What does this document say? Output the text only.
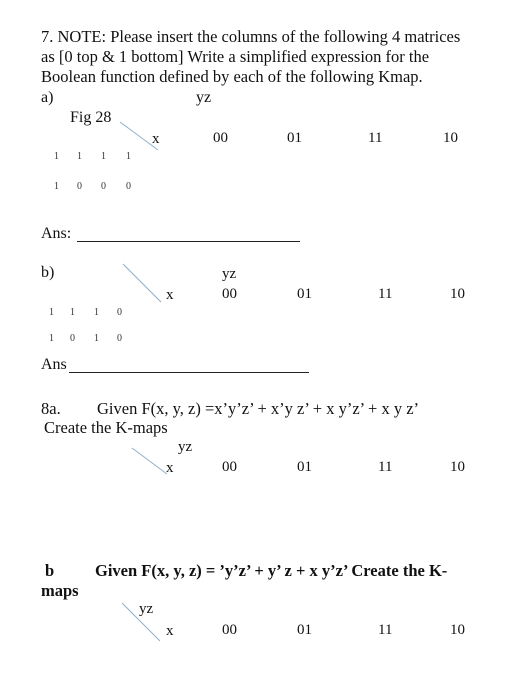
7. NOTE: Please insert the columns of the following 4 matrices
as [0 top & 1 bottom] Write a simplified expression for the
Boolean function defined by each of the following Kmap.
a)	yz
Fig 28
x	00	01	11	10
1 1 1 1
1 0 0 0
Ans:
b)	yz
x	00	01	11	10
1 1 1 0
1 0 1 0
Ans
8a. Given F(x, y, z) =x’y’z’ + x’y z’ + x y’z’ + x y z’
Create the K-maps
yz
x	00	01	11	10
b Given F(x, y, z) = ’y’z’ + y’ z + x y’z’ Create the K-
maps
yz
x	00	01	11	10
